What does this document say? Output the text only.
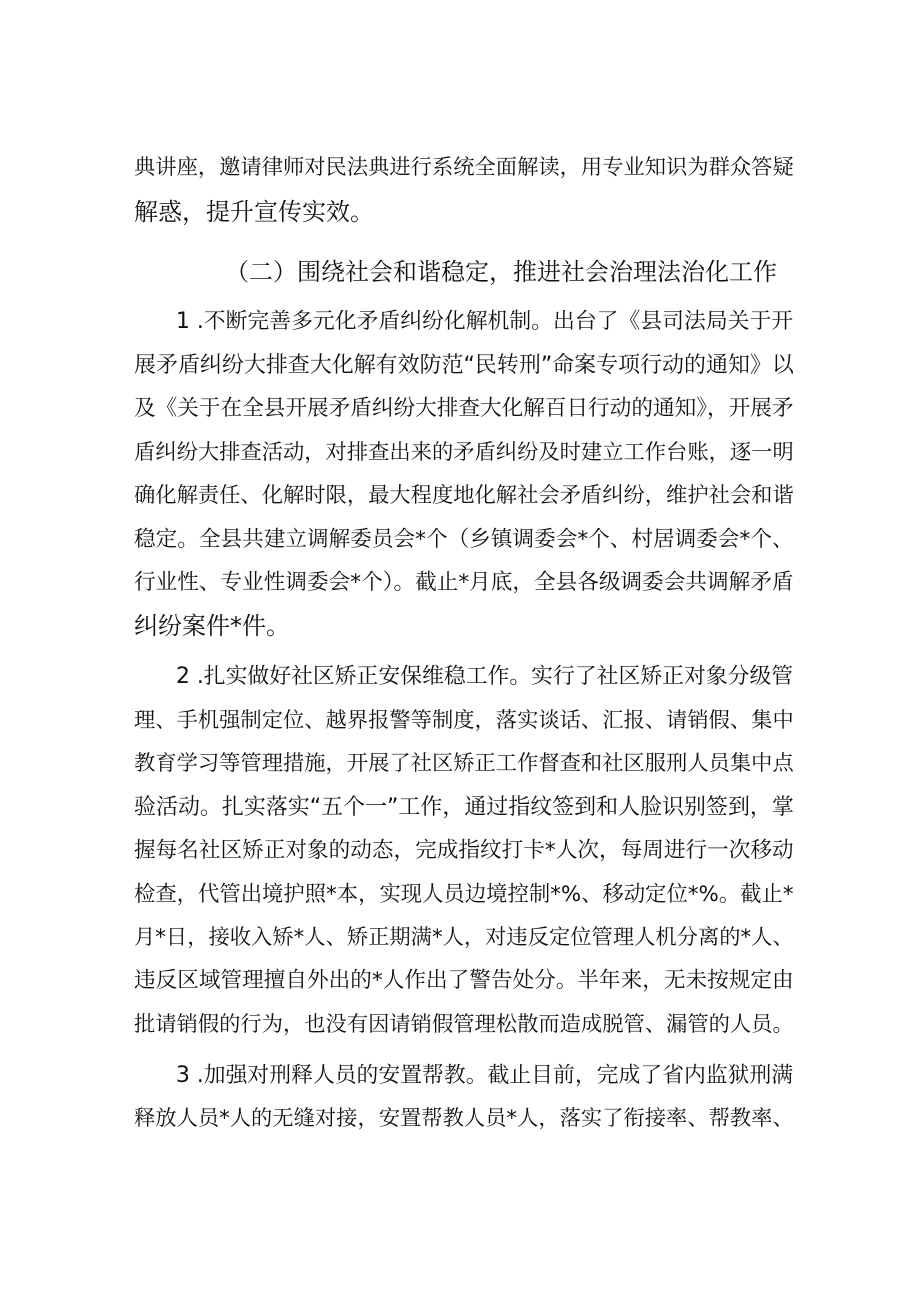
典讲座，邀请律师对民法典进行系统全面解读，用专业知识为群众答疑
解惑，提升宣传实效。
（二）围绕社会和谐稳定，推进社会治理法治化工作
1 .不断完善多元化矛盾纠纷化解机制。出台了《县司法局关于开
展矛盾纠纷大排查大化解有效防范“民转刑”命案专项行动的通知》以
及《关于在全县开展矛盾纠纷大排查大化解百日行动的通知》，开展矛
盾纠纷大排查活动，对排查出来的矛盾纠纷及时建立工作台账，逐一明
确化解责任、化解时限，最大程度地化解社会矛盾纠纷，维护社会和谐
稳定。全县共建立调解委员会*个（乡镇调委会*个、村居调委会*个、
行业性、专业性调委会*个）。截止*月底，全县各级调委会共调解矛盾
纠纷案件*件。
2 .扎实做好社区矫正安保维稳工作。实行了社区矫正对象分级管
理、手机强制定位、越界报警等制度，落实谈话、汇报、请销假、集中
教育学习等管理措施，开展了社区矫正工作督查和社区服刑人员集中点
验活动。扎实落实“五个一”工作，通过指纹签到和人脸识别签到，掌
握每名社区矫正对象的动态，完成指纹打卡*人次，每周进行一次移动
检查，代管出境护照*本，实现人员边境控制*%、移动定位*%。截止*
月*日，接收入矫*人、矫正期满*人，对违反定位管理人机分离的*人、
违反区域管理擅自外出的*人作出了警告处分。半年来，无未按规定由
批请销假的行为，也没有因请销假管理松散而造成脱管、漏管的人员。
3 .加强对刑释人员的安置帮教。截止目前，完成了省内监狱刑满
释放人员*人的无缝对接，安置帮教人员*人，落实了衔接率、帮教率、
